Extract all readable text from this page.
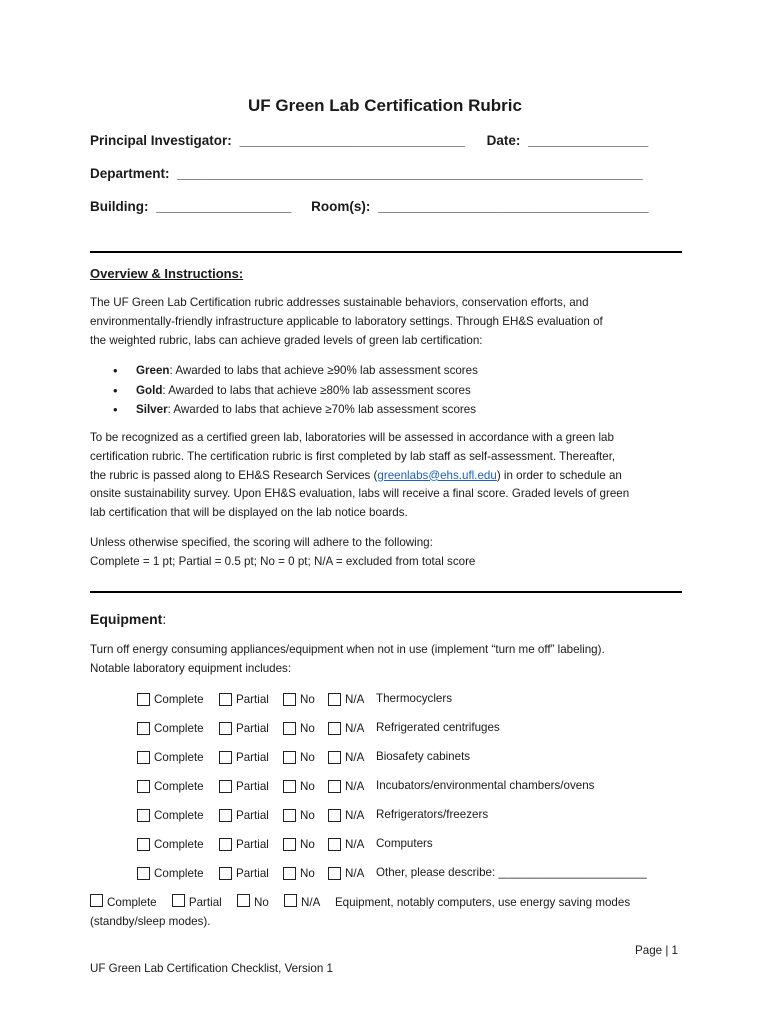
UF Green Lab Certification Rubric
Principal Investigator: ______________________________ Date: ________________
Department: ______________________________________________________________
Building: __________________ Room(s): ____________________________________
Overview & Instructions:
The UF Green Lab Certification rubric addresses sustainable behaviors, conservation efforts, and
environmentally-friendly infrastructure applicable to laboratory settings. Through EH&S evaluation of
the weighted rubric, labs can achieve graded levels of green lab certification:
• Green: Awarded to labs that achieve ≥90% lab assessment scores
• Gold: Awarded to labs that achieve ≥80% lab assessment scores
• Silver: Awarded to labs that achieve ≥70% lab assessment scores
To be recognized as a certified green lab, laboratories will be assessed in accordance with a green lab
certification rubric. The certification rubric is first completed by lab staff as self-assessment. Thereafter,
the rubric is passed along to EH&S Research Services (greenlabs@ehs.ufl.edu) in order to schedule an
onsite sustainability survey. Upon EH&S evaluation, labs will receive a final score. Graded levels of green
lab certification that will be displayed on the lab notice boards.
Unless otherwise specified, the scoring will adhere to the following:
Complete = 1 pt; Partial = 0.5 pt; No = 0 pt; N/A = excluded from total score
Equipment:
Turn off energy consuming appliances/equipment when not in use (implement “turn me off” labeling).
Notable laboratory equipment includes:
Complete	Partial	No	N/A Thermocyclers
Complete	Partial	No	N/A Refrigerated centrifuges
Complete	Partial	No	N/A Biosafety cabinets
Complete	Partial	No	N/A Incubators/environmental chambers/ovens
Complete	Partial	No	N/A Refrigerators/freezers
Complete	Partial	No	N/A Computers
Complete	Partial	No	N/A Other, please describe: _______________________
Complete	Partial	No	N/A Equipment, notably computers, use energy saving modes
(standby/sleep modes).
Page | 1
UF Green Lab Certification Checklist, Version 1
